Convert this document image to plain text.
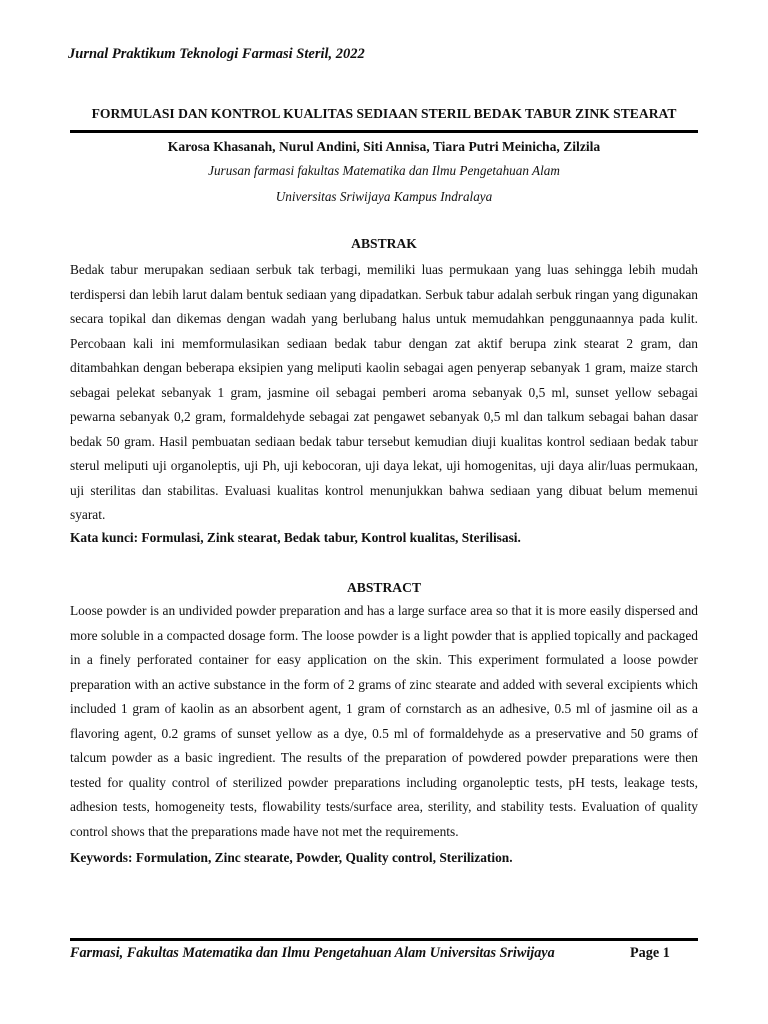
Jurnal Praktikum Teknologi Farmasi Steril, 2022
FORMULASI DAN KONTROL KUALITAS SEDIAAN STERIL BEDAK TABUR ZINK STEARAT
Karosa Khasanah, Nurul Andini, Siti Annisa, Tiara Putri Meinicha, Zilzila
Jurusan farmasi fakultas Matematika dan Ilmu Pengetahuan Alam
Universitas Sriwijaya Kampus Indralaya
ABSTRAK
Bedak tabur merupakan sediaan serbuk tak terbagi, memiliki luas permukaan yang luas sehingga lebih mudah terdispersi dan lebih larut dalam bentuk sediaan yang dipadatkan. Serbuk tabur adalah serbuk ringan yang digunakan secara topikal dan dikemas dengan wadah yang berlubang halus untuk memudahkan penggunaannya pada kulit. Percobaan kali ini memformulasikan sediaan bedak tabur dengan zat aktif berupa zink stearat 2 gram, dan ditambahkan dengan beberapa eksipien yang meliputi kaolin sebagai agen penyerap sebanyak 1 gram, maize starch sebagai pelekat sebanyak 1 gram, jasmine oil sebagai pemberi aroma sebanyak 0,5 ml, sunset yellow sebagai pewarna sebanyak 0,2 gram, formaldehyde sebagai zat pengawet sebanyak 0,5 ml dan talkum sebagai bahan dasar bedak 50 gram. Hasil pembuatan sediaan bedak tabur tersebut kemudian diuji kualitas kontrol sediaan bedak tabur sterul meliputi uji organoleptis, uji Ph, uji kebocoran, uji daya lekat, uji homogenitas, uji daya alir/luas permukaan, uji sterilitas dan stabilitas. Evaluasi kualitas kontrol menunjukkan bahwa sediaan yang dibuat belum memenui syarat.
Kata kunci: Formulasi, Zink stearat, Bedak tabur, Kontrol kualitas, Sterilisasi.
ABSTRACT
Loose powder is an undivided powder preparation and has a large surface area so that it is more easily dispersed and more soluble in a compacted dosage form. The loose powder is a light powder that is applied topically and packaged in a finely perforated container for easy application on the skin. This experiment formulated a loose powder preparation with an active substance in the form of 2 grams of zinc stearate and added with several excipients which included 1 gram of kaolin as an absorbent agent, 1 gram of cornstarch as an adhesive, 0.5 ml of jasmine oil as a flavoring agent, 0.2 grams of sunset yellow as a dye, 0.5 ml of formaldehyde as a preservative and 50 grams of talcum powder as a basic ingredient. The results of the preparation of powdered powder preparations were then tested for quality control of sterilized powder preparations including organoleptic tests, pH tests, leakage tests, adhesion tests, homogeneity tests, flowability tests/surface area, sterility, and stability tests. Evaluation of quality control shows that the preparations made have not met the requirements.
Keywords: Formulation, Zinc stearate, Powder, Quality control, Sterilization.
Farmasi, Fakultas Matematika dan Ilmu Pengetahuan Alam Universitas Sriwijaya	Page 1
